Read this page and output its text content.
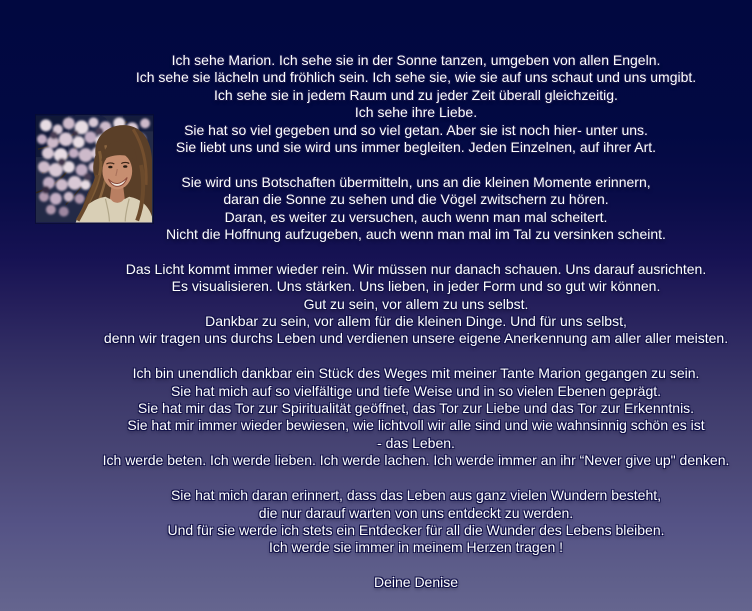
Ich sehe Marion. Ich sehe sie in der Sonne tanzen, umgeben von allen Engeln.
Ich sehe sie lächeln und fröhlich sein. Ich sehe sie, wie sie auf uns schaut und uns umgibt.
Ich sehe sie in jedem Raum und zu jeder Zeit überall gleichzeitig.
Ich sehe ihre Liebe.
Sie hat so viel gegeben und so viel getan. Aber sie ist noch hier- unter uns.
Sie liebt uns und sie wird uns immer begleiten. Jeden Einzelnen, auf ihrer Art.

Sie wird uns Botschaften übermitteln, uns an die kleinen Momente erinnern,
daran die Sonne zu sehen und die Vögel zwitschern zu hören.
Daran, es weiter zu versuchen, auch wenn man mal scheitert.
Nicht die Hoffnung aufzugeben, auch wenn man mal im Tal zu versinken scheint.

Das Licht kommt immer wieder rein. Wir müssen nur danach schauen. Uns darauf ausrichten.
Es visualisieren. Uns stärken. Uns lieben, in jeder Form und so gut wir können.
Gut zu sein, vor allem zu uns selbst.
Dankbar zu sein, vor allem für die kleinen Dinge. Und für uns selbst,
denn wir tragen uns durchs Leben und verdienen unsere eigene Anerkennung am aller aller meisten.

Ich bin unendlich dankbar ein Stück des Weges mit meiner Tante Marion gegangen zu sein.
Sie hat mich auf so vielfältige und tiefe Weise und in so vielen Ebenen geprägt.
Sie hat mir das Tor zur Spiritualität geöffnet, das Tor zur Liebe und das Tor zur Erkenntnis.
Sie hat mir immer wieder bewiesen, wie lichtvoll wir alle sind und wie wahnsinnig schön es ist
- das Leben.
Ich werde beten. Ich werde lieben. Ich werde lachen. Ich werde immer an ihr “Never give up" denken.

Sie hat mich daran erinnert, dass das Leben aus ganz vielen Wundern besteht,
die nur darauf warten von uns entdeckt zu werden.
Und für sie werde ich stets ein Entdecker für all die Wunder des Lebens bleiben.
Ich werde sie immer in meinem Herzen tragen !

Deine Denise
